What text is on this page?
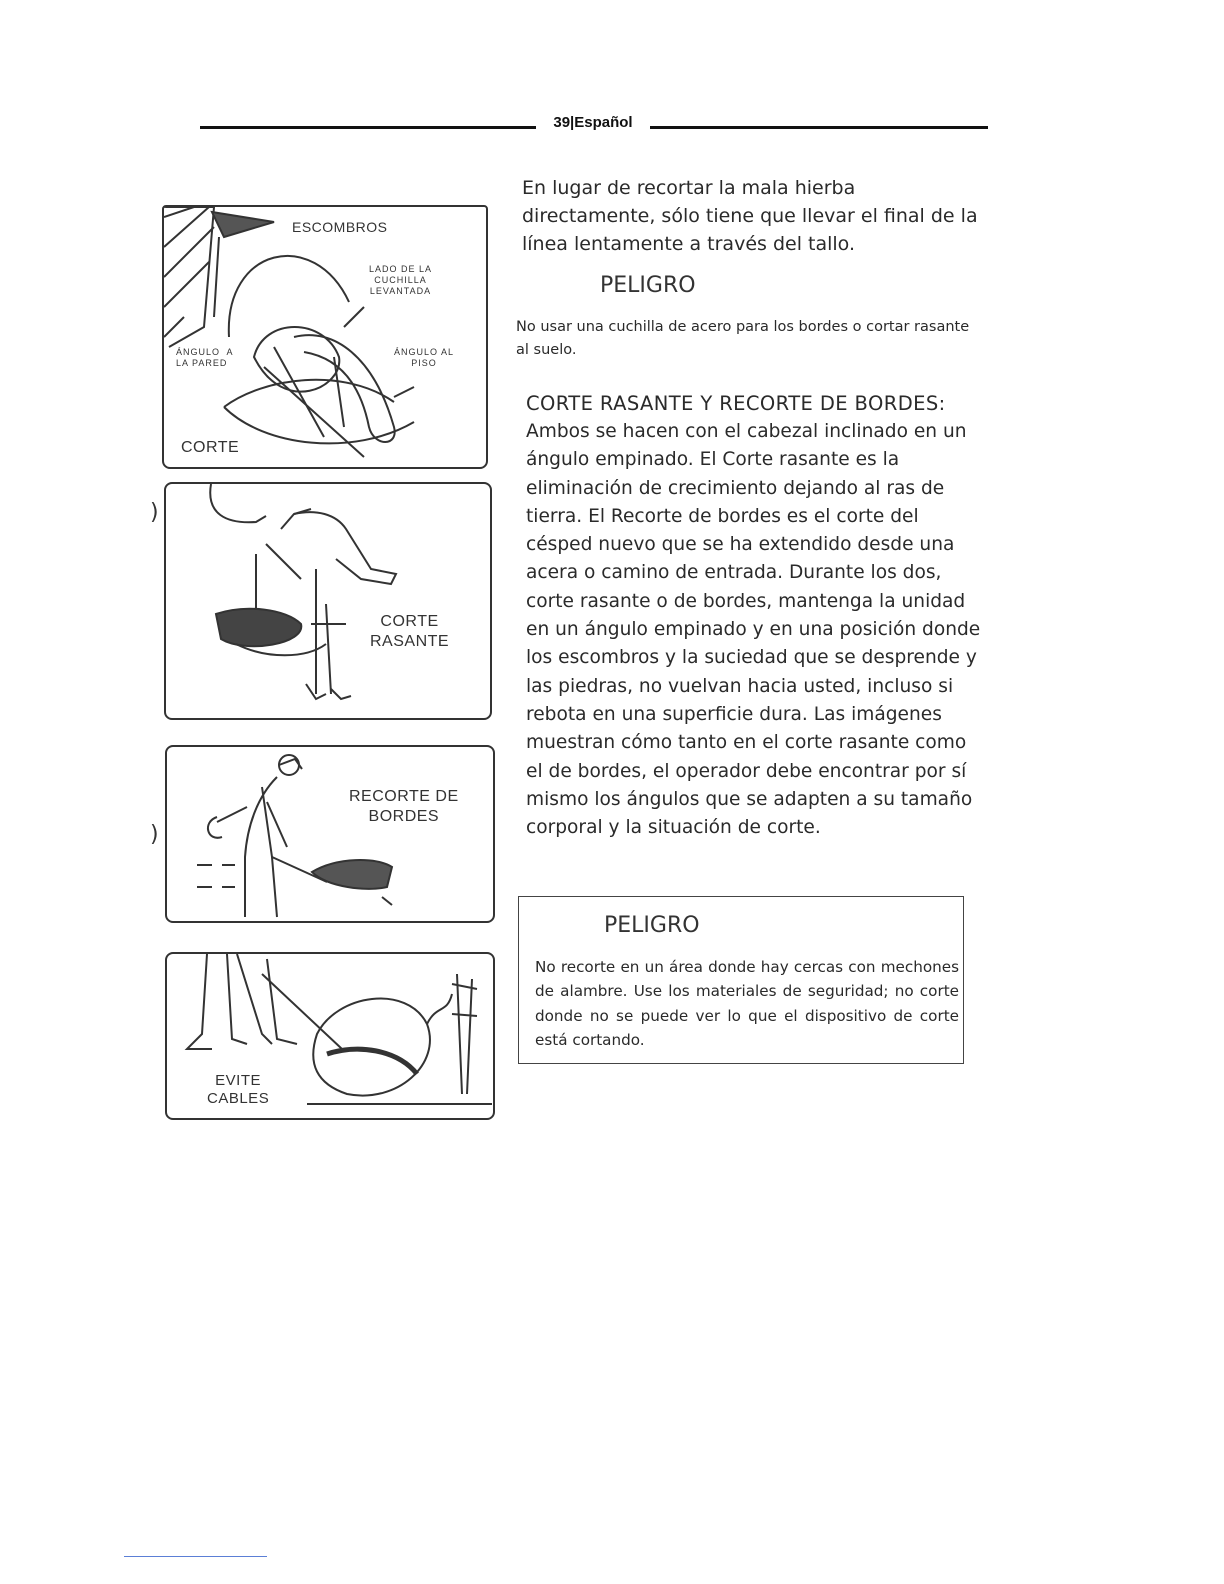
39|Español
ESCOMBROS
LADO DE LA
CUCHILLA
LEVANTADA
ÁNGULO  A
LA PARED
ÁNGULO AL
PISO
CORTE
CORTE
RASANTE
RECORTE DE
BORDES
EVITE
CABLES
)
)
En lugar de recortar la mala hierba directamente, sólo tiene que llevar el final de la línea lentamente a través del tallo.
PELIGRO
No usar una cuchilla de acero para los bordes o cortar rasante al suelo.
CORTE RASANTE Y RECORTE DE BORDES:
Ambos se hacen con el cabezal inclinado en un ángulo empinado. El Corte rasante es la eliminación de crecimiento dejando al ras de tierra. El Recorte de bordes es el corte del césped nuevo que se ha extendido desde una acera o camino de entrada. Durante los dos, corte rasante o de bordes, mantenga la unidad en un ángulo empinado y en una posición donde los escombros y la suciedad que se desprende y las piedras, no vuelvan hacia usted, incluso si rebota en una superficie dura. Las imágenes muestran cómo tanto en el corte rasante como el de bordes, el operador debe encontrar por sí mismo los ángulos que se adapten a su tamaño corporal y la situación de corte.
PELIGRO
No recorte en un área donde hay cercas con mechones de alambre. Use los materiales de seguridad; no corte donde no se puede ver lo que el dispositivo de corte está cortando.
